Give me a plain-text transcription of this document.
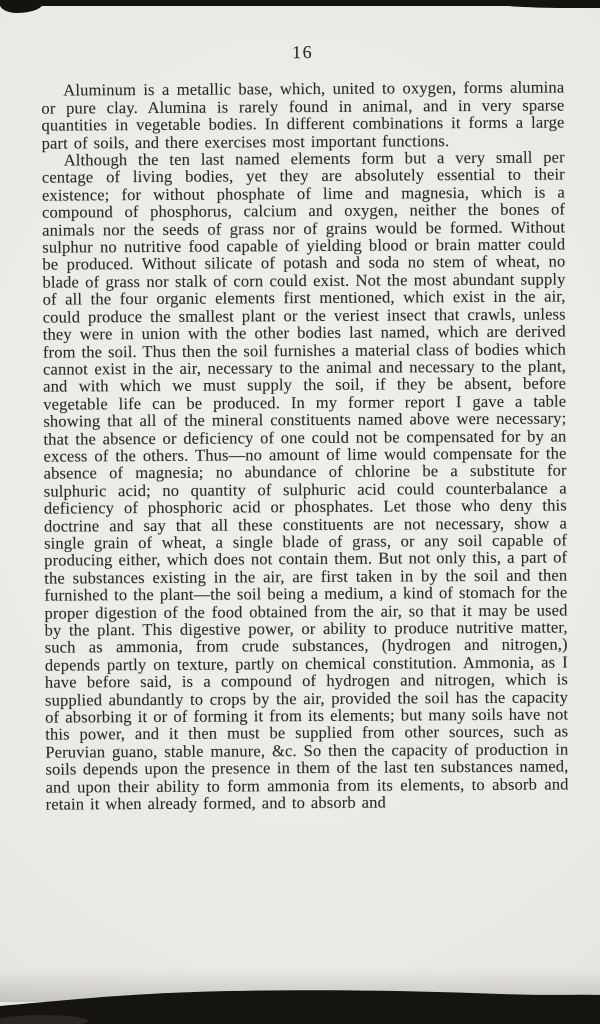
16

Aluminum is a metallic base, which, united to oxygen, forms alumina or pure clay. Alumina is rarely found in animal, and in very sparse quantities in vegetable bodies. In different combinations it forms a large part of soils, and there exercises most important functions.

Although the ten last named elements form but a very small per centage of living bodies, yet they are absolutely essential to their existence; for without phosphate of lime and magnesia, which is a compound of phosphorus, calcium and oxygen, neither the bones of animals nor the seeds of grass nor of grains would be formed. Without sulphur no nutritive food capable of yielding blood or brain matter could be produced. Without silicate of potash and soda no stem of wheat, no blade of grass nor stalk of corn could exist. Not the most abundant supply of all the four organic elements first mentioned, which exist in the air, could produce the smallest plant or the veriest insect that crawls, unless they were in union with the other bodies last named, which are derived from the soil. Thus then the soil furnishes a material class of bodies which cannot exist in the air, necessary to the animal and necessary to the plant, and with which we must supply the soil, if they be absent, before vegetable life can be produced. In my former report I gave a table showing that all of the mineral constituents named above were necessary; that the absence or deficiency of one could not be compensated for by an excess of the others. Thus—no amount of lime would compensate for the absence of magnesia; no abundance of chlorine be a substitute for sulphuric acid; no quantity of sulphuric acid could counterbalance a deficiency of phosphoric acid or phosphates. Let those who deny this doctrine and say that all these constituents are not necessary, show a single grain of wheat, a single blade of grass, or any soil capable of producing either, which does not contain them. But not only this, a part of the substances existing in the air, are first taken in by the soil and then furnished to the plant—the soil being a medium, a kind of stomach for the proper digestion of the food obtained from the air, so that it may be used by the plant. This digestive power, or ability to produce nutritive matter, such as ammonia, from crude substances, (hydrogen and nitrogen,) depends partly on texture, partly on chemical constitution. Ammonia, as I have before said, is a compound of hydrogen and nitrogen, which is supplied abundantly to crops by the air, provided the soil has the capacity of absorbing it or of forming it from its elements; but many soils have not this power, and it then must be supplied from other sources, such as Peruvian guano, stable manure, &c. So then the capacity of production in soils depends upon the presence in them of the last ten substances named, and upon their ability to form ammonia from its elements, to absorb and retain it when already formed, and to absorb and
